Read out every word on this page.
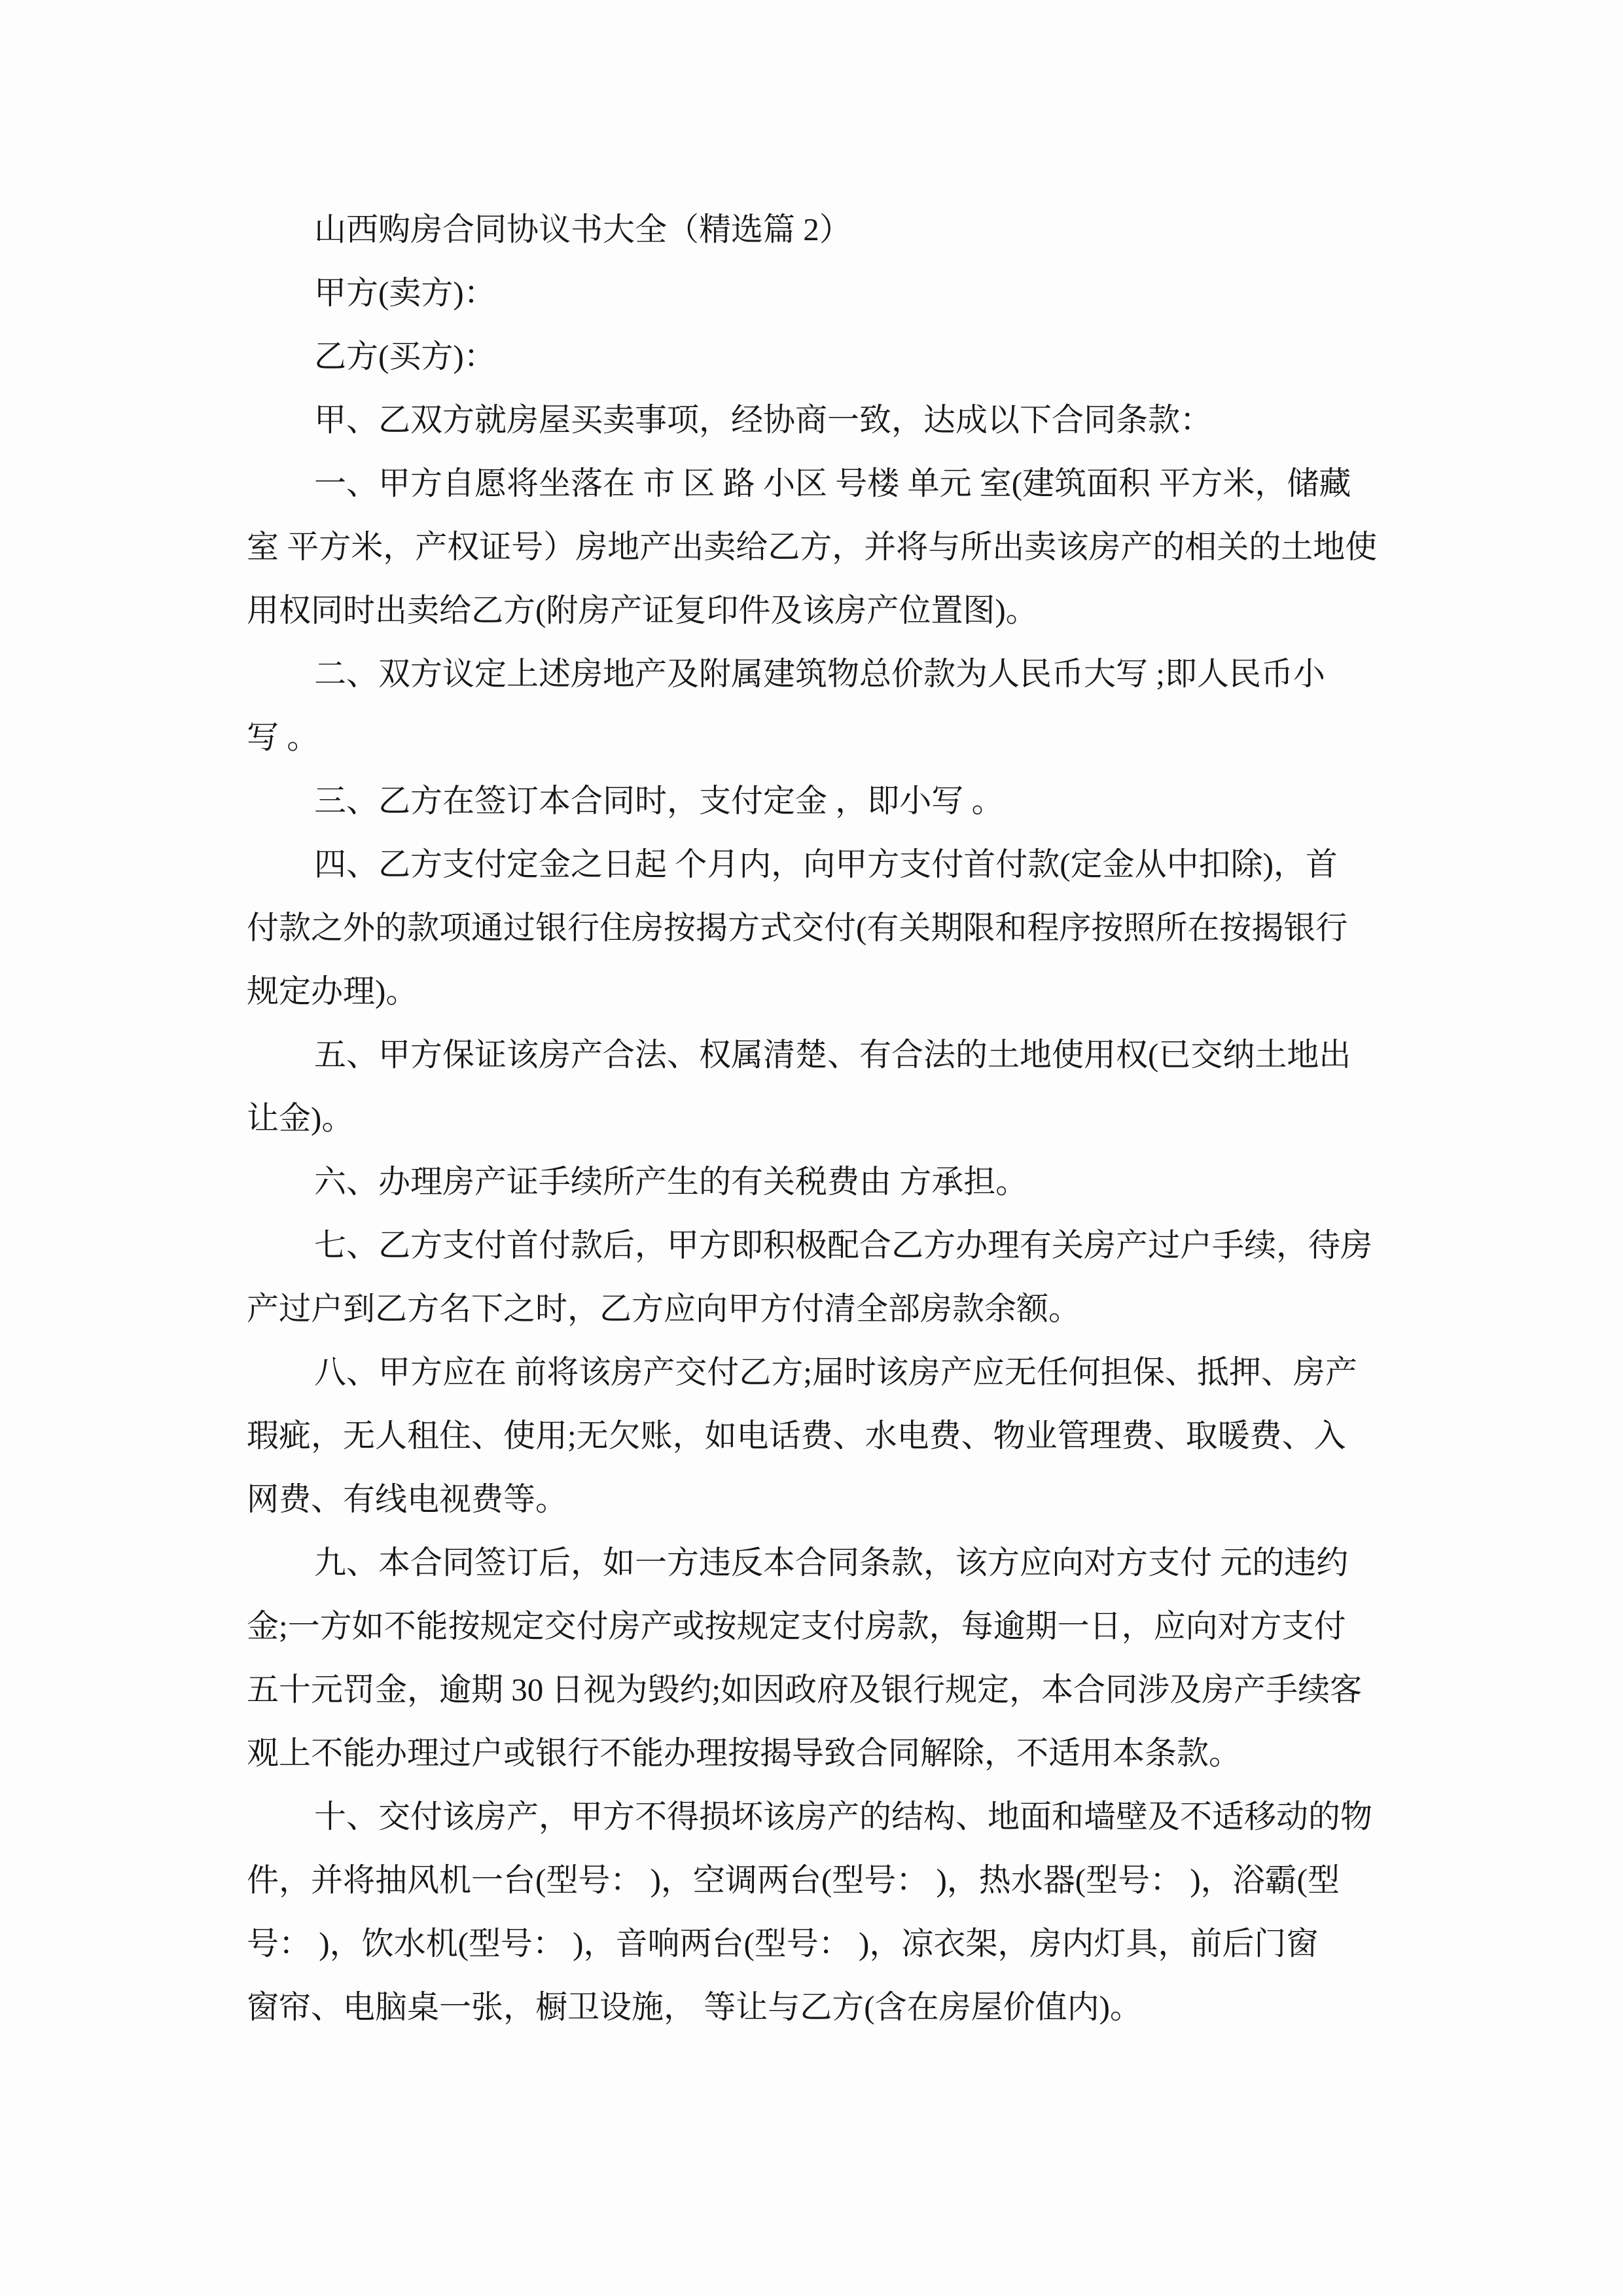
山西购房合同协议书大全（精选篇 2）
甲方(卖方)：
乙方(买方)：
甲、乙双方就房屋买卖事项，经协商一致，达成以下合同条款：
一、甲方自愿将坐落在 市 区 路 小区 号楼 单元 室(建筑面积 平方米，储藏
室 平方米，产权证号）房地产出卖给乙方，并将与所出卖该房产的相关的土地使
用权同时出卖给乙方(附房产证复印件及该房产位置图)。
二、双方议定上述房地产及附属建筑物总价款为人民币大写 ;即人民币小
写 。
三、乙方在签订本合同时，支付定金 ，即小写 。
四、乙方支付定金之日起 个月内，向甲方支付首付款(定金从中扣除)，首
付款之外的款项通过银行住房按揭方式交付(有关期限和程序按照所在按揭银行
规定办理)。
五、甲方保证该房产合法、权属清楚、有合法的土地使用权(已交纳土地出
让金)。
六、办理房产证手续所产生的有关税费由 方承担。
七、乙方支付首付款后，甲方即积极配合乙方办理有关房产过户手续，待房
产过户到乙方名下之时，乙方应向甲方付清全部房款余额。
八、甲方应在 前将该房产交付乙方;届时该房产应无任何担保、抵押、房产
瑕疵，无人租住、使用;无欠账，如电话费、水电费、物业管理费、取暖费、入
网费、有线电视费等。
九、本合同签订后，如一方违反本合同条款，该方应向对方支付 元的违约
金;一方如不能按规定交付房产或按规定支付房款，每逾期一日，应向对方支付
五十元罚金，逾期 30 日视为毁约;如因政府及银行规定，本合同涉及房产手续客
观上不能办理过户或银行不能办理按揭导致合同解除，不适用本条款。
十、交付该房产，甲方不得损坏该房产的结构、地面和墙壁及不适移动的物
件，并将抽风机一台(型号： )，空调两台(型号： )，热水器(型号： )，浴霸(型
号： )，饮水机(型号： )，音响两台(型号： )，凉衣架，房内灯具，前后门窗
窗帘、电脑桌一张，橱卫设施， 等让与乙方(含在房屋价值内)。
